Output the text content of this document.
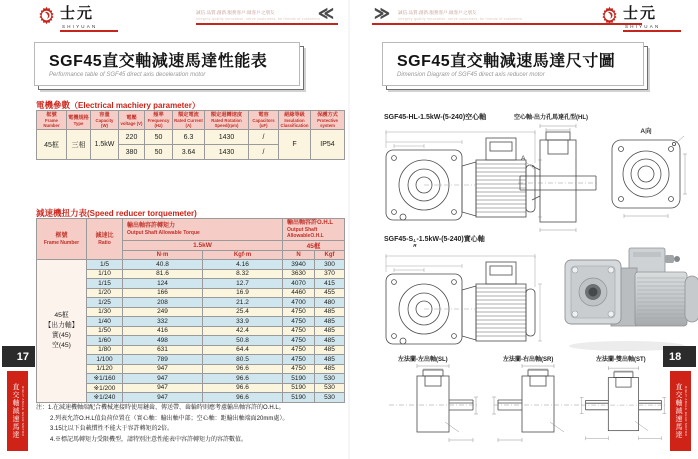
士元
SHIYUAN
誠信.品質.創新.服務客戶.做客戶之朋友
Integrity quality innovation, serve customers, be friends of customers
≪
SGF45直交軸減速馬達性能表

Performance table of SGF45 direct axis deceleration motor

電機參數（Electrical machiery parameter）
框號
Frame Number

電機規格
Type

容量
Capacity (W)

電壓
voltage (V)

頻率
Frequency (Hz)

額定電流
Rated Current (A)

額定迴轉速度
Rated Rotation Speed(rpm)

電容
Capacitors (uF)

絕緣等級
Insulation Classification

保護方式
Protective system

45框	三相	1.5kW	220	50	6.3	1430	/	F	IP54
			380	50	3.64	1430	/		
減速機扭力表(Speed reducer torquemeter)
框號
Frame Number

減速比
Ratio

輸出軸容許轉矩力
Output Shaft Allowable Torque

輸出軸容許O.H.L
Output Shaft
AllowableO.H.L

		1.5kW		45框	
		N·m	Kgf·m	N	Kgf

45框
【出力軸】
實(45)
空(45)	1/5	40.8	4.16	3940	300
	1/10	81.6	8.32	3630	370
	1/15	124	12.7	4070	415
	1/20	166	16.9	4460	455
	1/25	208	21.2	4700	480
	1/30	249	25.4	4750	485
	1/40	332	33.9	4750	485
	1/50	416	42.4	4750	485
	1/60	498	50.8	4750	485
	1/80	631	64.4	4750	485
	1/100	789	80.5	4750	485
	1/120	947	96.6	4750	485
	※1/160	947	96.6	5190	530
	※1/200	947	96.6	5190	530
	※1/240	947	96.6	5190	530
注：1.在減速機軸端配合機械連接時使用鏈齒、傳送帶、齒輪時則應考慮輸出軸容許的O.H.L。
2.列表允許O.H.L值負荷位置在（實心軸：輸出軸中部；空心軸：距輸出軸端面20mm處）。
3.15比以下負載慣性不能大于容許轉矩的2倍。
4.※標記馬轉矩力受限機型，請特別注意性能表中容許轉矩力的容許數值。
17
直交軸減速馬達 RIGHT ANGLE GEAR MOTOR
≫
誠信.品質.創新.服務客戶.做客戶之朋友
Integrity quality innovation, serve customers, be friends of customers	士元
SHIYUAN
SGF45直交軸減速馬達尺寸圖

Dimension Diagram of SGF45 direct axis reducer motor

SGF45-HL-1.5kW-(5-240)空心軸	空心軸-出力孔馬達孔型(HL)
A
A向
SGF45-S L
R
-1.5kW-(5-240)實心軸
左法蘭-左出軸(SL)	左法蘭-右出軸(SR)	左法蘭-雙出軸(ST) 18
直交軸減速馬達 RIGHT ANGLE GEAR MOTOR
